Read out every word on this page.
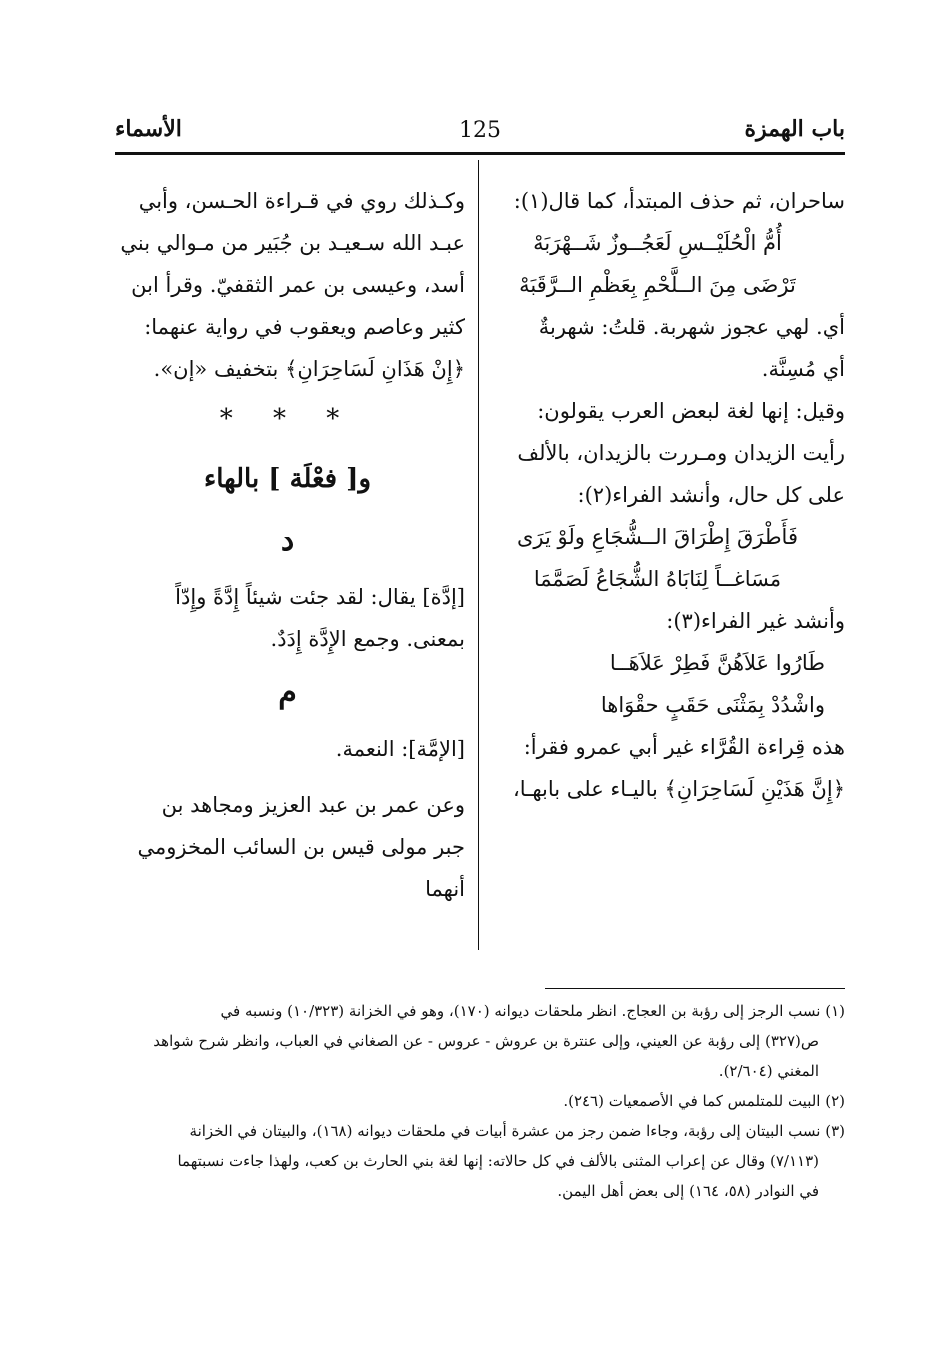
باب الهمزة
125
الأسماء

ساحران، ثم حذف المبتدأ، كما قال(١):

أُمُّ الْحُلَيْــسِ لَعَجُــوزٌ شَــهْرَبَهْ

تَرْضَى مِنَ الــلَّحْمِ بِعَظْمِ الــرَّقَبَهْ

أي. لهي عجوز شهربة. قلتُ: شهربةٌ

أي مُسِنَّة.

وقيل: إنها لغة لبعض العرب يقولون:

رأيت الزيدان ومـررت بالزيدان، بالألف

على كل حال، وأنشد الفراء(٢):

فَأَطْرَقَ إِطْرَاقَ الــشُّجَاعِ ولَوْ يَرَى

مَسَاغــاً لِنَابَاهُ الشُّجَاعُ لَصَمَّمَا

وأنشد غير الفراء(٣):

طَارُوا عَلاَهُنَّ فَطِرْ عَلاَهَــا

واشْدُدْ بِمَثْنَى حَقَبٍ حقْوَاها

هذه قِراءة القُرَّاء غير أبي عمرو فقرأ:

﴿إِنَّ هَذَيْنِ لَسَاحِرَانِ﴾ باليـاء على بابهـا،

وكـذلك روي في قـراءة الحـسن، وأبي

عبـد الله سـعيـد بن جُبَير من مـوالي بني

أسد، وعيسى بن عمر الثقفيّ. وقرأ ابن

كثير وعاصم ويعقوب في رواية عنهما:

﴿إِنْ هَذَانِ لَسَاحِرَانِ﴾ بتخفيف «إن».

* * *
و[ فعْلَة ] بالهاء
د

[إدَّة] يقال: لقد جئت شيئاً إِدَّةً وإِدّاً

بمعنى. وجمع الإِدَّة إِدَدٌ.

م

[الإمَّة]: النعمة.

وعن عمر بن عبد العزيز ومجاهد بن

جبر مولى قيس بن السائب المخزومي أنهما

(١) نسب الرجز إلى رؤبة بن العجاج. انظر ملحقات ديوانه (١٧٠)، وهو في الخزانة (١٠/٣٢٣) ونسبه في

ص(٣٢٧) إلى رؤبة عن العيني، وإلى عنترة بن عروش - عروس - عن الصغاني في العباب، وانظر شرح شواهد

المغني (٢/٦٠٤).

(٢) البيت للمتلمس كما في الأصمعيات (٢٤٦).

(٣) نسب البيتان إلى رؤبة، وجاءا ضمن رجز من عشرة أبيات في ملحقات ديوانه (١٦٨)، والبيتان في الخزانة

(٧/١١٣) وقال عن إعراب المثنى بالألف في كل حالاته: إنها لغة بني الحارث بن كعب، ولهذا جاءت نسبتهما

في النوادر (٥٨، ١٦٤) إلى بعض أهل اليمن.
